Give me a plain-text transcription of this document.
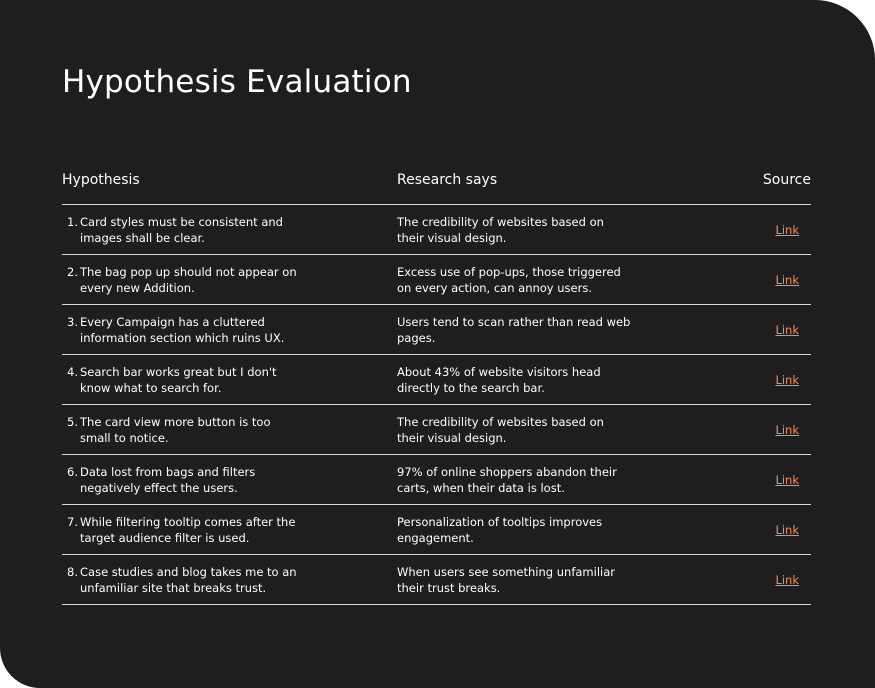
Hypothesis Evaluation
Hypothesis	Research says	Source
1. Card styles must be consistent and images shall be clear.
The credibility of websites based on their visual design.
Link
2. The bag pop up should not appear on every new Addition.
Excess use of pop-ups, those triggered on every action, can annoy users.
Link
3. Every Campaign has a cluttered information section which ruins UX.
Users tend to scan rather than read web pages.
Link
4. Search bar works great but I don't know what to search for.
About 43% of website visitors head directly to the search bar.
Link
5. The card view more button is too small to notice.
The credibility of websites based on their visual design.
Link
6. Data lost from bags and filters negatively effect the users.
97% of online shoppers abandon their carts, when their data is lost.
Link
7. While filtering tooltip comes after the target audience filter is used.
Personalization of tooltips improves engagement.
Link
8. Case studies and blog takes me to an unfamiliar site that breaks trust.
When users see something unfamiliar their trust breaks.
Link
